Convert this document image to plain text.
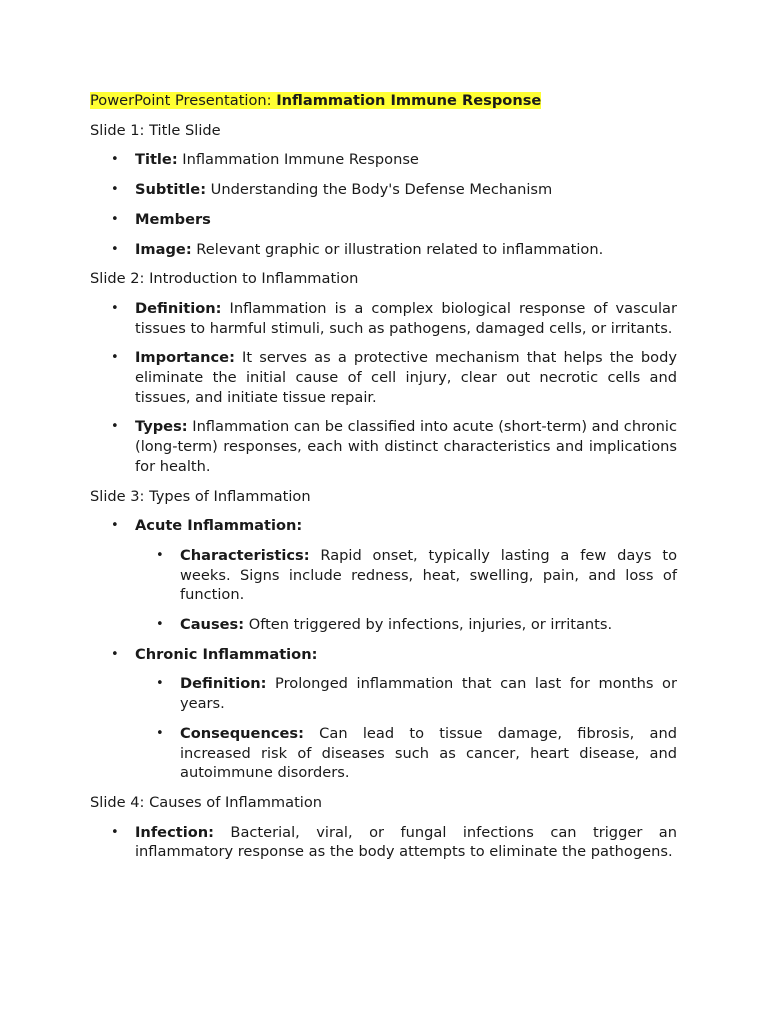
PowerPoint Presentation: Inflammation Immune Response
Slide 1: Title Slide
• Title: Inflammation Immune Response
• Subtitle: Understanding the Body's Defense Mechanism
• Members
• Image: Relevant graphic or illustration related to inflammation.
Slide 2: Introduction to Inflammation
• Definition: Inflammation is a complex biological response of vascular tissues to harmful stimuli, such as pathogens, damaged cells, or irritants.
• Importance: It serves as a protective mechanism that helps the body eliminate the initial cause of cell injury, clear out necrotic cells and tissues, and initiate tissue repair.
• Types: Inflammation can be classified into acute (short-term) and chronic (long-term) responses, each with distinct characteristics and implications for health.
Slide 3: Types of Inflammation
• Acute Inflammation:
• Characteristics: Rapid onset, typically lasting a few days to weeks. Signs include redness, heat, swelling, pain, and loss of function.
• Causes: Often triggered by infections, injuries, or irritants.
• Chronic Inflammation:
• Definition: Prolonged inflammation that can last for months or years.
• Consequences: Can lead to tissue damage, fibrosis, and increased risk of diseases such as cancer, heart disease, and autoimmune disorders.
Slide 4: Causes of Inflammation
• Infection: Bacterial, viral, or fungal infections can trigger an inflammatory response as the body attempts to eliminate the pathogens.
